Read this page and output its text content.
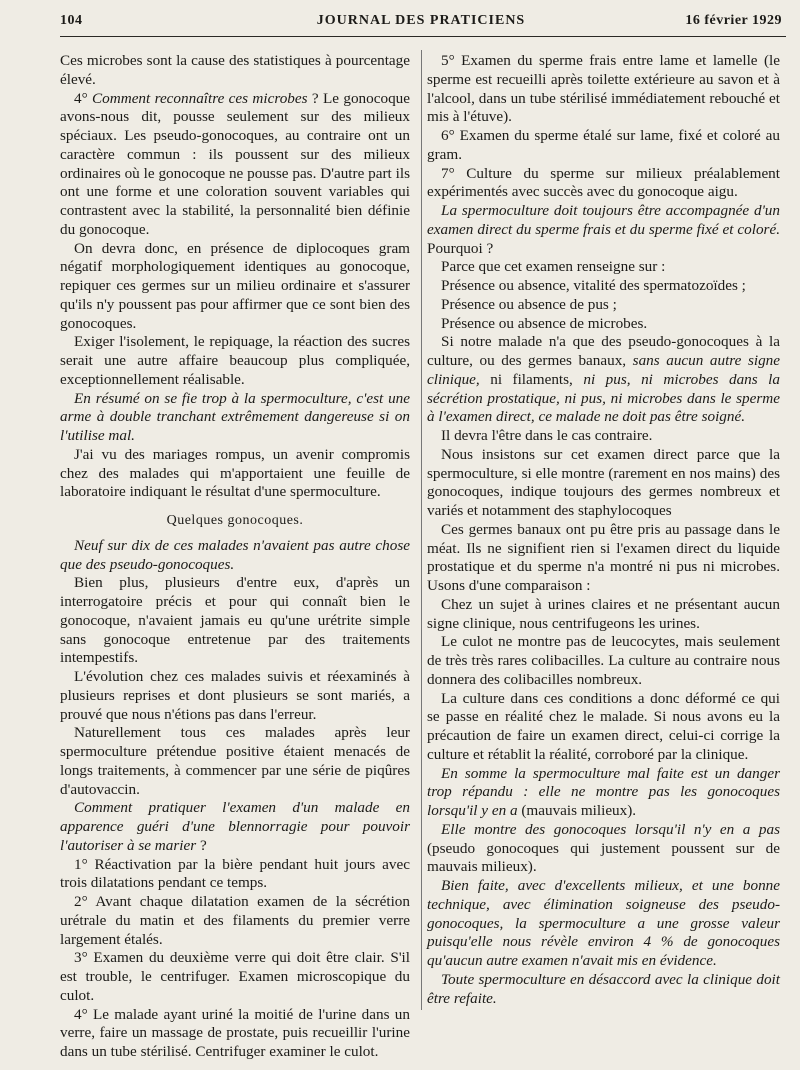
104	JOURNAL DES PRATICIENS	16 février 1929

Ces microbes sont la cause des statistiques à pourcentage élevé.

4° Comment reconnaître ces microbes ? Le gonocoque avons-nous dit, pousse seulement sur des milieux spéciaux. Les pseudo-gonocoques, au contraire ont un caractère commun : ils poussent sur des milieux ordinaires où le gonocoque ne pousse pas. D'autre part ils ont une forme et une coloration souvent variables qui contrastent avec la stabilité, la personnalité bien définie du gonocoque.

On devra donc, en présence de diplocoques gram négatif morphologiquement identiques au gonocoque, repiquer ces germes sur un milieu ordinaire et s'assurer qu'ils n'y poussent pas pour affirmer que ce sont bien des gonocoques.

Exiger l'isolement, le repiquage, la réaction des sucres serait une autre affaire beaucoup plus compliquée, exceptionnellement réalisable.

En résumé on se fie trop à la spermoculture, c'est une arme à double tranchant extrêmement dangereuse si on l'utilise mal.

J'ai vu des mariages rompus, un avenir compromis chez des malades qui m'apportaient une feuille de laboratoire indiquant le résultat d'une spermoculture.

Quelques gonocoques.

Neuf sur dix de ces malades n'avaient pas autre chose que des pseudo-gonocoques.

Bien plus, plusieurs d'entre eux, d'après un interrogatoire précis et pour qui connaît bien le gonocoque, n'avaient jamais eu qu'une urétrite simple sans gonocoque entretenue par des traitements intempestifs.

L'évolution chez ces malades suivis et réexaminés à plusieurs reprises et dont plusieurs se sont mariés, a prouvé que nous n'étions pas dans l'erreur.

Naturellement tous ces malades après leur spermoculture prétendue positive étaient menacés de longs traitements, à commencer par une série de piqûres d'autovaccin.

Comment pratiquer l'examen d'un malade en apparence guéri d'une blennorragie pour pouvoir l'autoriser à se marier ?

1° Réactivation par la bière pendant huit jours avec trois dilatations pendant ce temps.

2° Avant chaque dilatation examen de la sécrétion urétrale du matin et des filaments du premier verre largement étalés.

3° Examen du deuxième verre qui doit être clair. S'il est trouble, le centrifuger. Examen microscopique du culot.

4° Le malade ayant uriné la moitié de l'urine dans un verre, faire un massage de prostate, puis recueillir l'urine dans un tube stérilisé. Centrifuger examiner le culot.

5° Examen du sperme frais entre lame et lamelle (le sperme est recueilli après toilette extérieure au savon et à l'alcool, dans un tube stérilisé immédiatement rebouché et mis à l'étuve).

6° Examen du sperme étalé sur lame, fixé et coloré au gram.

7° Culture du sperme sur milieux préalablement expérimentés avec succès avec du gonocoque aigu.

La spermoculture doit toujours être accompagnée d'un examen direct du sperme frais et du sperme fixé et coloré. Pourquoi ?

Parce que cet examen renseigne sur :

Présence ou absence, vitalité des spermatozoïdes ;

Présence ou absence de pus ;

Présence ou absence de microbes.

Si notre malade n'a que des pseudo-gonocoques à la culture, ou des germes banaux, sans aucun autre signe clinique, ni filaments, ni pus, ni microbes dans la sécrétion prostatique, ni pus, ni microbes dans le sperme à l'examen direct, ce malade ne doit pas être soigné.

Il devra l'être dans le cas contraire.

Nous insistons sur cet examen direct parce que la spermoculture, si elle montre (rarement en nos mains) des gonocoques, indique toujours des germes nombreux et variés et notamment des staphylocoques

Ces germes banaux ont pu être pris au passage dans le méat. Ils ne signifient rien si l'examen direct du liquide prostatique et du sperme n'a montré ni pus ni microbes. Usons d'une comparaison :

Chez un sujet à urines claires et ne présentant aucun signe clinique, nous centrifugeons les urines.

Le culot ne montre pas de leucocytes, mais seulement de très très rares colibacilles. La culture au contraire nous donnera des colibacilles nombreux.

La culture dans ces conditions a donc déformé ce qui se passe en réalité chez le malade. Si nous avons eu la précaution de faire un examen direct, celui-ci corrige la culture et rétablit la réalité, corroboré par la clinique.

En somme la spermoculture mal faite est un danger trop répandu : elle ne montre pas les gonocoques lorsqu'il y en a (mauvais milieux).

Elle montre des gonocoques lorsqu'il n'y en a pas (pseudo gonocoques qui justement poussent sur de mauvais milieux).

Bien faite, avec d'excellents milieux, et une bonne technique, avec élimination soigneuse des pseudo-gonocoques, la spermoculture a une grosse valeur puisqu'elle nous révèle environ 4 % de gonocoques qu'aucun autre examen n'avait mis en évidence.

Toute spermoculture en désaccord avec la clinique doit être refaite.
